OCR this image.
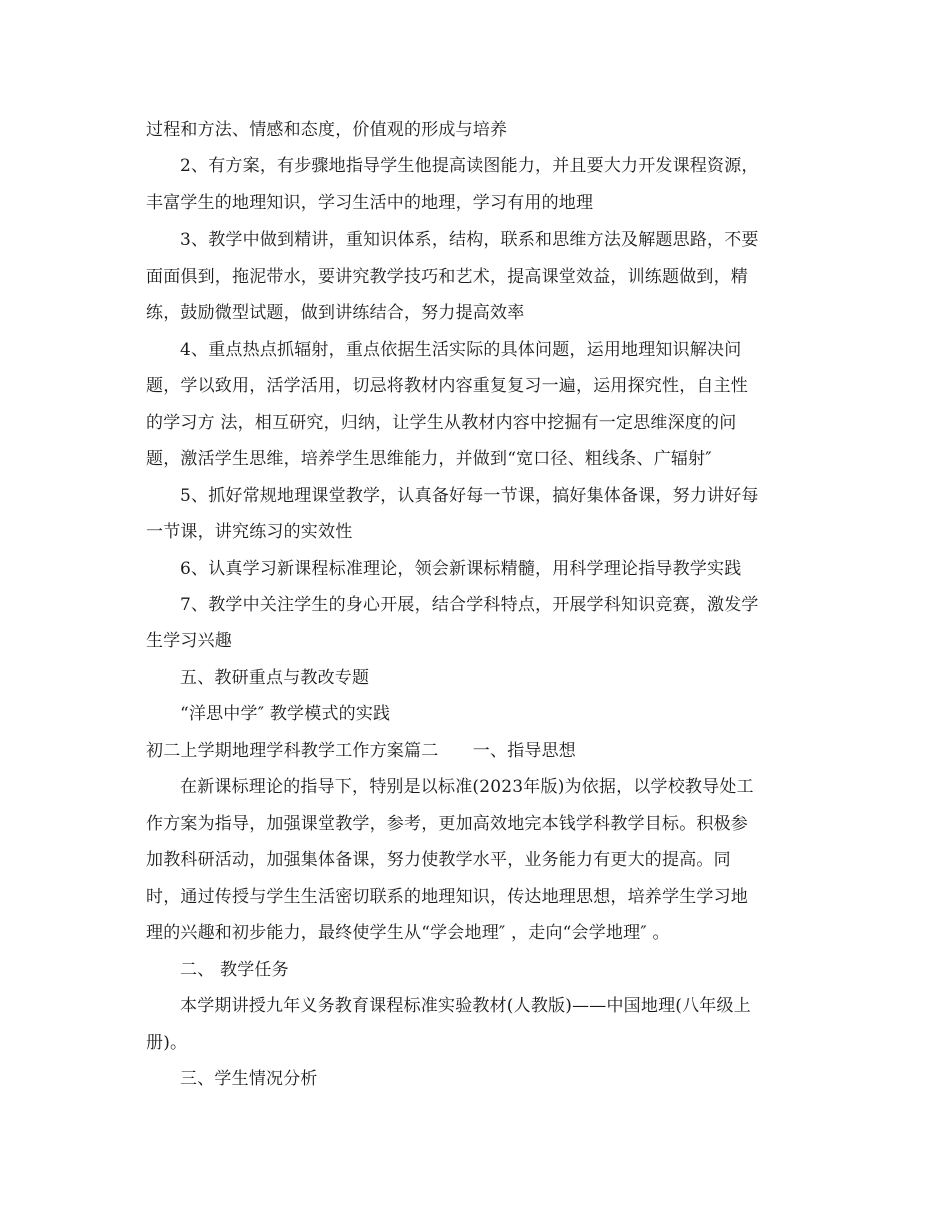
过程和方法、情感和态度，价值观的形成与培养
2、有方案，有步骤地指导学生他提高读图能力，并且要大力开发课程资源，
丰富学生的地理知识，学习生活中的地理，学习有用的地理
3、教学中做到精讲，重知识体系，结构，联系和思维方法及解题思路，不要
面面俱到，拖泥带水，要讲究教学技巧和艺术，提高课堂效益，训练题做到，精
练，鼓励微型试题，做到讲练结合，努力提高效率
4、重点热点抓辐射，重点依据生活实际的具体问题，运用地理知识解决问
题，学以致用，活学活用，切忌将教材内容重复复习一遍，运用探究性，自主性
的学习方 法，相互研究，归纳，让学生从教材内容中挖掘有一定思维深度的问
题，激活学生思维，培养学生思维能力，并做到“宽口径、粗线条、广辐射″
5、抓好常规地理课堂教学，认真备好每一节课，搞好集体备课，努力讲好每
一节课，讲究练习的实效性
6、认真学习新课程标准理论，领会新课标精髓，用科学理论指导教学实践
7、教学中关注学生的身心开展，结合学科特点，开展学科知识竞赛，激发学
生学习兴趣
五、教研重点与教改专题
“洋思中学″ 教学模式的实践
初二上学期地理学科教学工作方案篇二　　一、指导思想
在新课标理论的指导下，特别是以标准(2023年版)为依据，以学校教导处工
作方案为指导，加强课堂教学，参考，更加高效地完本钱学科教学目标。积极参
加教科研活动，加强集体备课，努力使教学水平，业务能力有更大的提高。同
时，通过传授与学生生活密切联系的地理知识，传达地理思想，培养学生学习地
理的兴趣和初步能力，最终使学生从“学会地理″ ，走向“会学地理″ 。
二、 教学任务
本学期讲授九年义务教育课程标准实验教材(人教版)——中国地理(八年级上
册)。
三、学生情况分析
